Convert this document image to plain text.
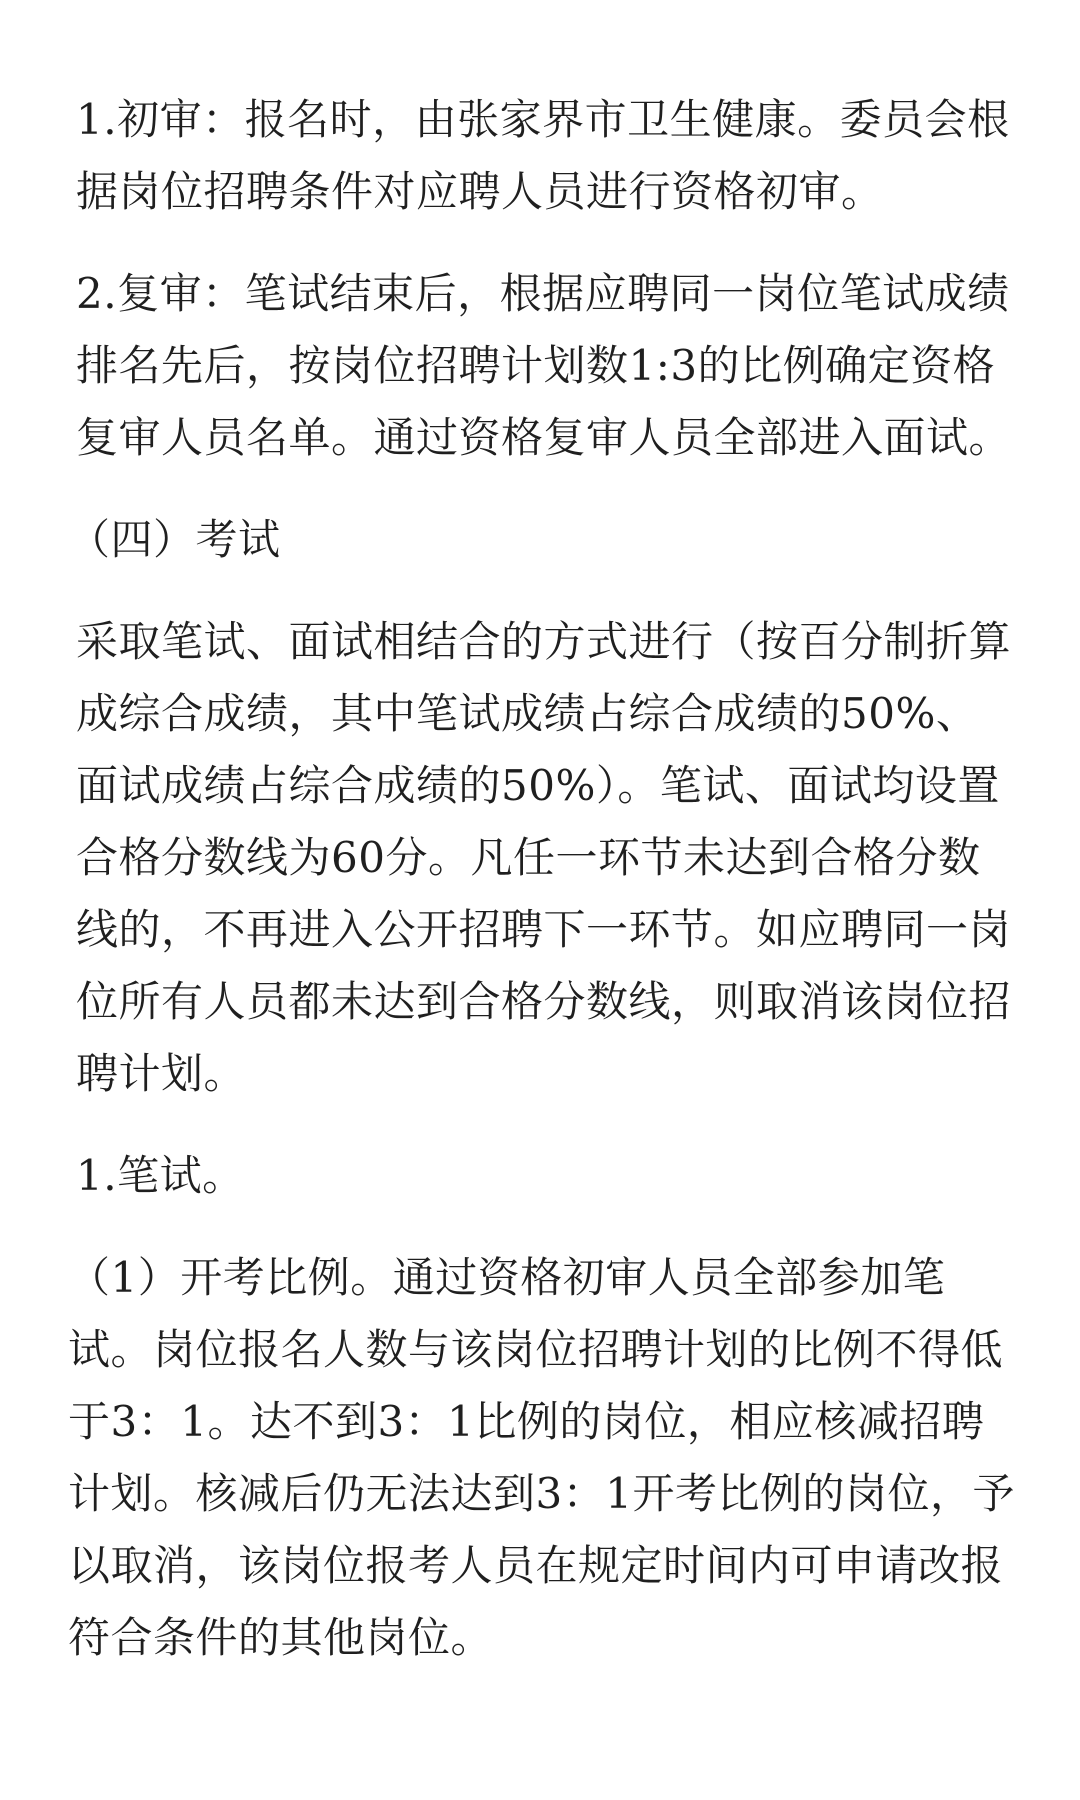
1.初审：报名时，由张家界市卫生健康。委员会根据岗位招聘条件对应聘人员进行资格初审。

2.复审：笔试结束后，根据应聘同一岗位笔试成绩排名先后，按岗位招聘计划数1:3的比例确定资格复审人员名单。通过资格复审人员全部进入面试。

（四）考试

采取笔试、面试相结合的方式进行（按百分制折算成综合成绩，其中笔试成绩占综合成绩的50%、面试成绩占综合成绩的50%）。笔试、面试均设置合格分数线为60分。凡任一环节未达到合格分数线的，不再进入公开招聘下一环节。如应聘同一岗位所有人员都未达到合格分数线，则取消该岗位招聘计划。

1.笔试。

（1）开考比例。通过资格初审人员全部参加笔试。岗位报名人数与该岗位招聘计划的比例不得低于3：1。达不到3：1比例的岗位，相应核减招聘计划。核减后仍无法达到3：1开考比例的岗位，予以取消，该岗位报考人员在规定时间内可申请改报符合条件的其他岗位。
